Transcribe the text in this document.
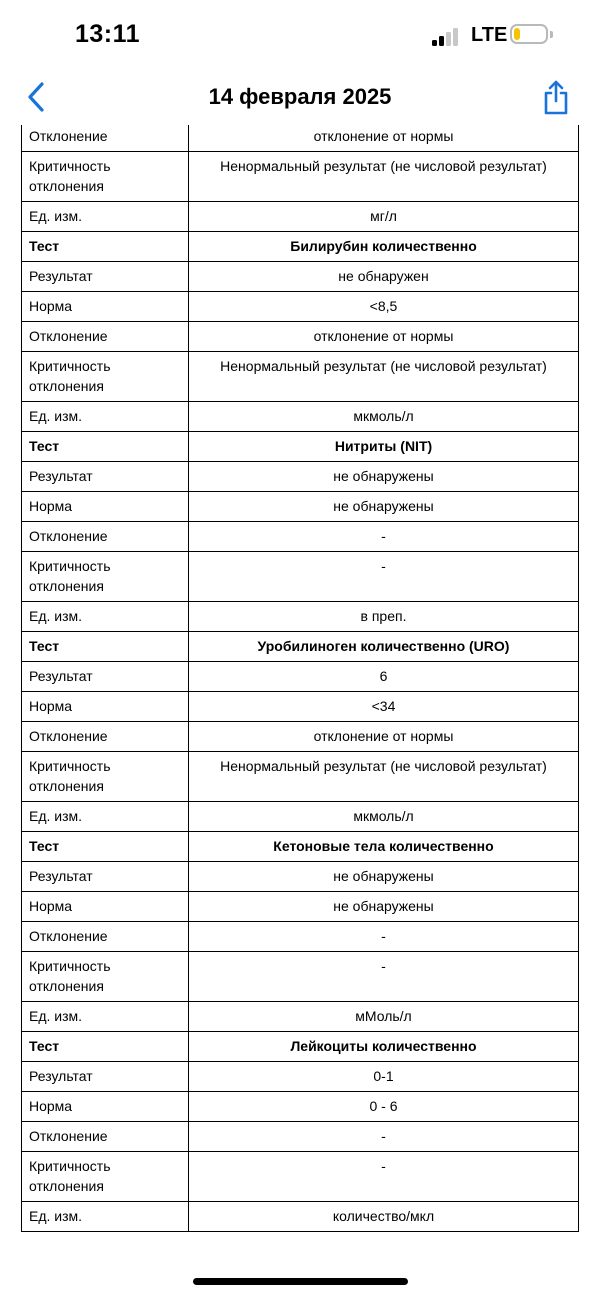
13:11	LTE
14 февраля 2025
Отклонение	отклонение от нормы
Критичность отклонения	Ненормальный результат (не числовой результат)
Ед. изм.	мг/л
Тест	Билирубин количественно
Результат	не обнаружен
Норма	<8,5
Отклонение	отклонение от нормы
Критичность отклонения	Ненормальный результат (не числовой результат)
Ед. изм.	мкмоль/л
Тест	Нитриты (NIT)
Результат	не обнаружены
Норма	не обнаружены
Отклонение	-
Критичность отклонения	-
Ед. изм.	в преп.
Тест	Уробилиноген количественно (URO)
Результат	6
Норма	<34
Отклонение	отклонение от нормы
Критичность отклонения	Ненормальный результат (не числовой результат)
Ед. изм.	мкмоль/л
Тест	Кетоновые тела количественно
Результат	не обнаружены
Норма	не обнаружены
Отклонение	-
Критичность отклонения	-
Ед. изм.	мМоль/л
Тест	Лейкоциты количественно
Результат	0-1
Норма	0 - 6
Отклонение	-
Критичность отклонения	-
Ед. изм.	количество/мкл
